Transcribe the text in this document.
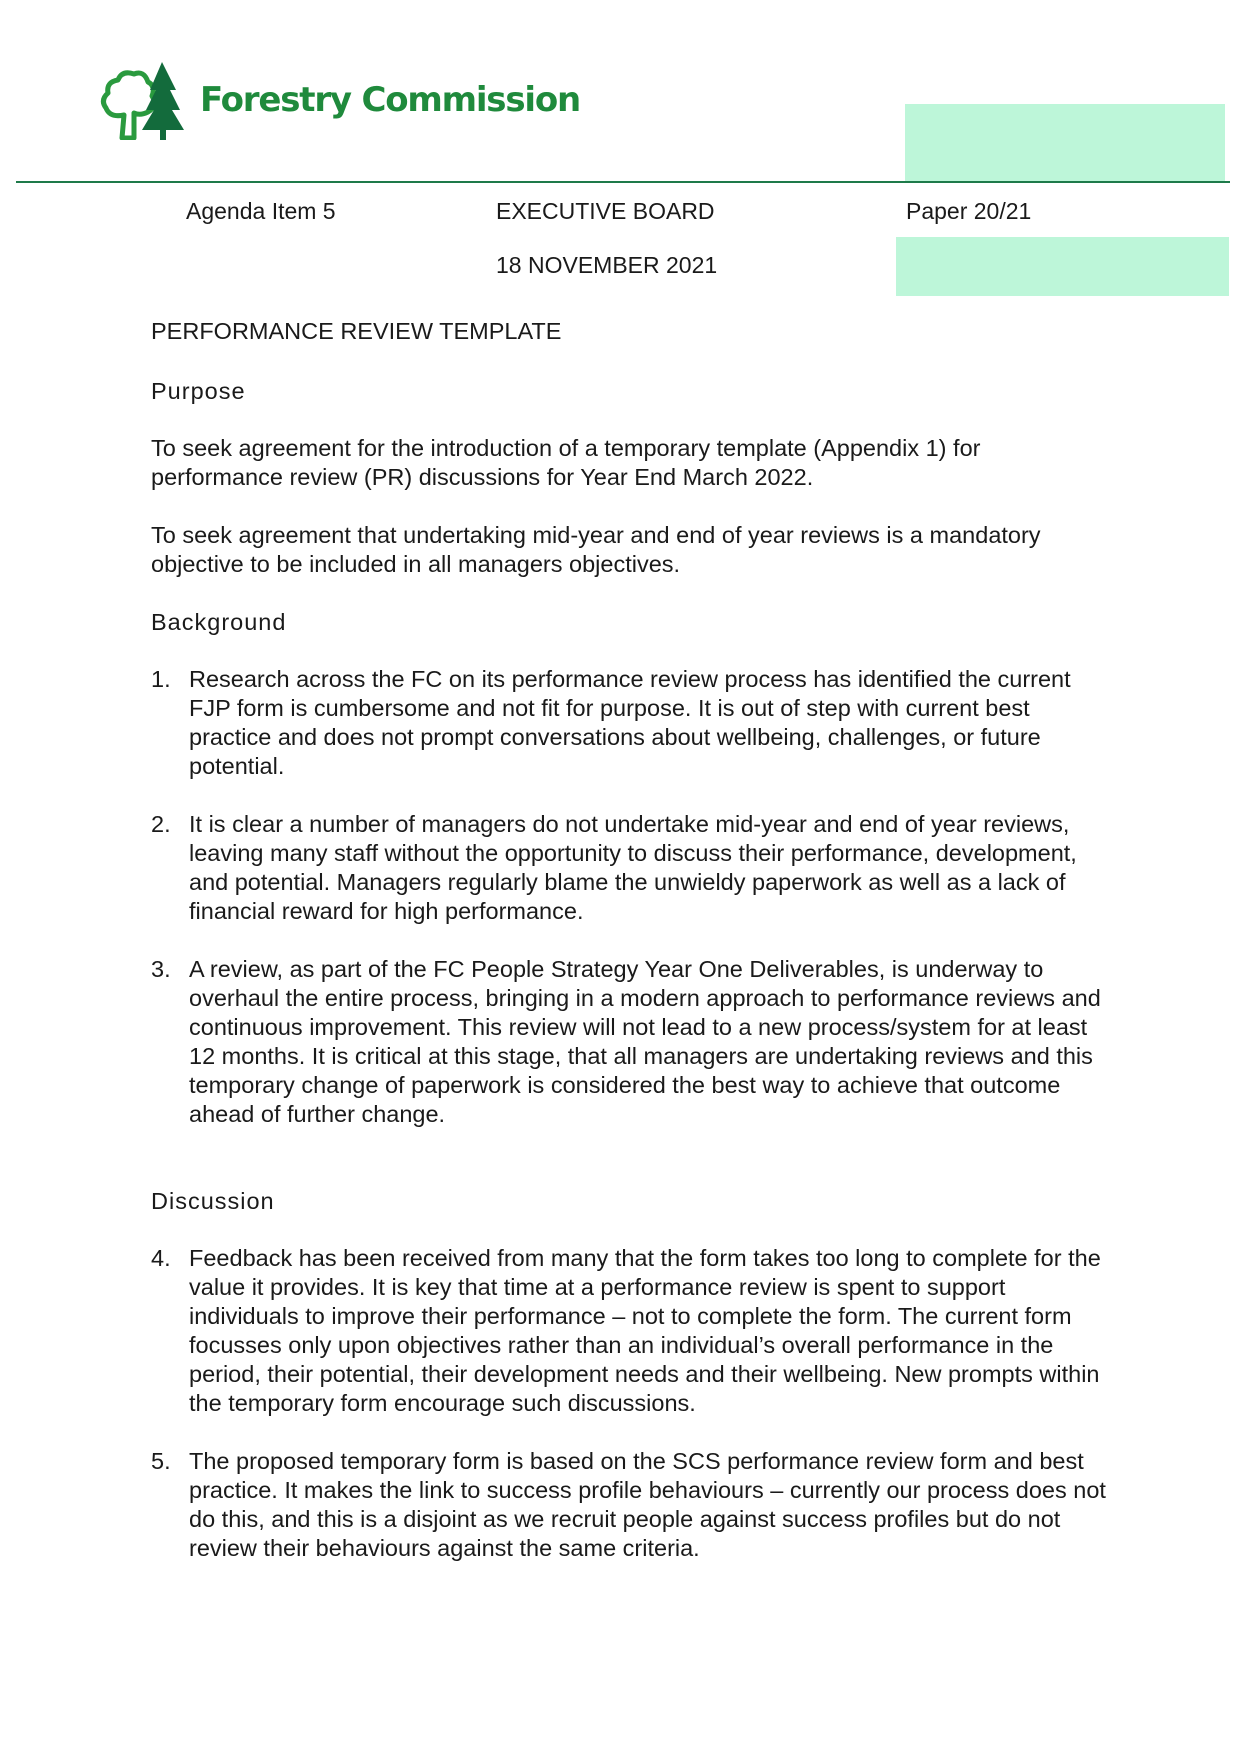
Forestry Commission
Agenda Item 5	EXECUTIVE BOARD	Paper 20/21
18 NOVEMBER 2021

PERFORMANCE REVIEW TEMPLATE

Purpose

To seek agreement for the introduction of a temporary template (Appendix 1) for performance review (PR) discussions for Year End March 2022.

To seek agreement that undertaking mid-year and end of year reviews is a mandatory objective to be included in all managers objectives.

Background

1. Research across the FC on its performance review process has identified the current FJP form is cumbersome and not fit for purpose. It is out of step with current best practice and does not prompt conversations about wellbeing, challenges, or future potential.
2. It is clear a number of managers do not undertake mid-year and end of year reviews, leaving many staff without the opportunity to discuss their performance, development, and potential. Managers regularly blame the unwieldy paperwork as well as a lack of financial reward for high performance.
3. A review, as part of the FC People Strategy Year One Deliverables, is underway to overhaul the entire process, bringing in a modern approach to performance reviews and continuous improvement. This review will not lead to a new process/system for at least 12 months. It is critical at this stage, that all managers are undertaking reviews and this temporary change of paperwork is considered the best way to achieve that outcome ahead of further change.

Discussion

4. Feedback has been received from many that the form takes too long to complete for the value it provides. It is key that time at a performance review is spent to support individuals to improve their performance – not to complete the form. The current form focusses only upon objectives rather than an individual’s overall performance in the period, their potential, their development needs and their wellbeing. New prompts within the temporary form encourage such discussions.
5. The proposed temporary form is based on the SCS performance review form and best practice. It makes the link to success profile behaviours – currently our process does not do this, and this is a disjoint as we recruit people against success profiles but do not review their behaviours against the same criteria.
